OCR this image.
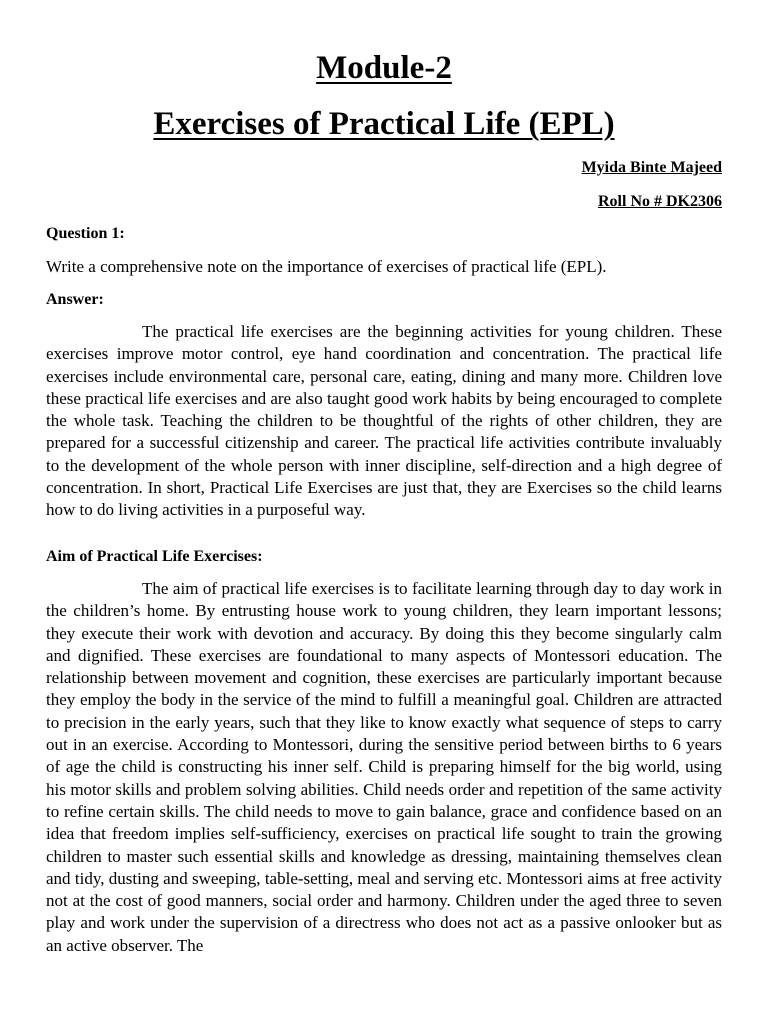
Module-2
Exercises of Practical Life (EPL)

Myida Binte Majeed

Roll No # DK2306

Question 1:

Write a comprehensive note on the importance of exercises of practical life (EPL).

Answer:

The practical life exercises are the beginning activities for young children. These exercises improve motor control, eye hand coordination and concentration. The practical life exercises include environmental care, personal care, eating, dining and many more. Children love these practical life exercises and are also taught good work habits by being encouraged to complete the whole task. Teaching the children to be thoughtful of the rights of other children, they are prepared for a successful citizenship and career. The practical life activities contribute invaluably to the development of the whole person with inner discipline, self-direction and a high degree of concentration. In short, Practical Life Exercises are just that, they are Exercises so the child learns how to do living activities in a purposeful way.

Aim of Practical Life Exercises:

The aim of practical life exercises is to facilitate learning through day to day work in the children’s home. By entrusting house work to young children, they learn important lessons; they execute their work with devotion and accuracy. By doing this they become singularly calm and dignified. These exercises are foundational to many aspects of Montessori education. The relationship between movement and cognition, these exercises are particularly important because they employ the body in the service of the mind to fulfill a meaningful goal. Children are attracted to precision in the early years, such that they like to know exactly what sequence of steps to carry out in an exercise. According to Montessori, during the sensitive period between births to 6 years of age the child is constructing his inner self. Child is preparing himself for the big world, using his motor skills and problem solving abilities. Child needs order and repetition of the same activity to refine certain skills. The child needs to move to gain balance, grace and confidence based on an idea that freedom implies self-sufficiency, exercises on practical life sought to train the growing children to master such essential skills and knowledge as dressing, maintaining themselves clean and tidy, dusting and sweeping, table-setting, meal and serving etc. Montessori aims at free activity not at the cost of good manners, social order and harmony. Children under the aged three to seven play and work under the supervision of a directress who does not act as a passive onlooker but as an active observer. The
